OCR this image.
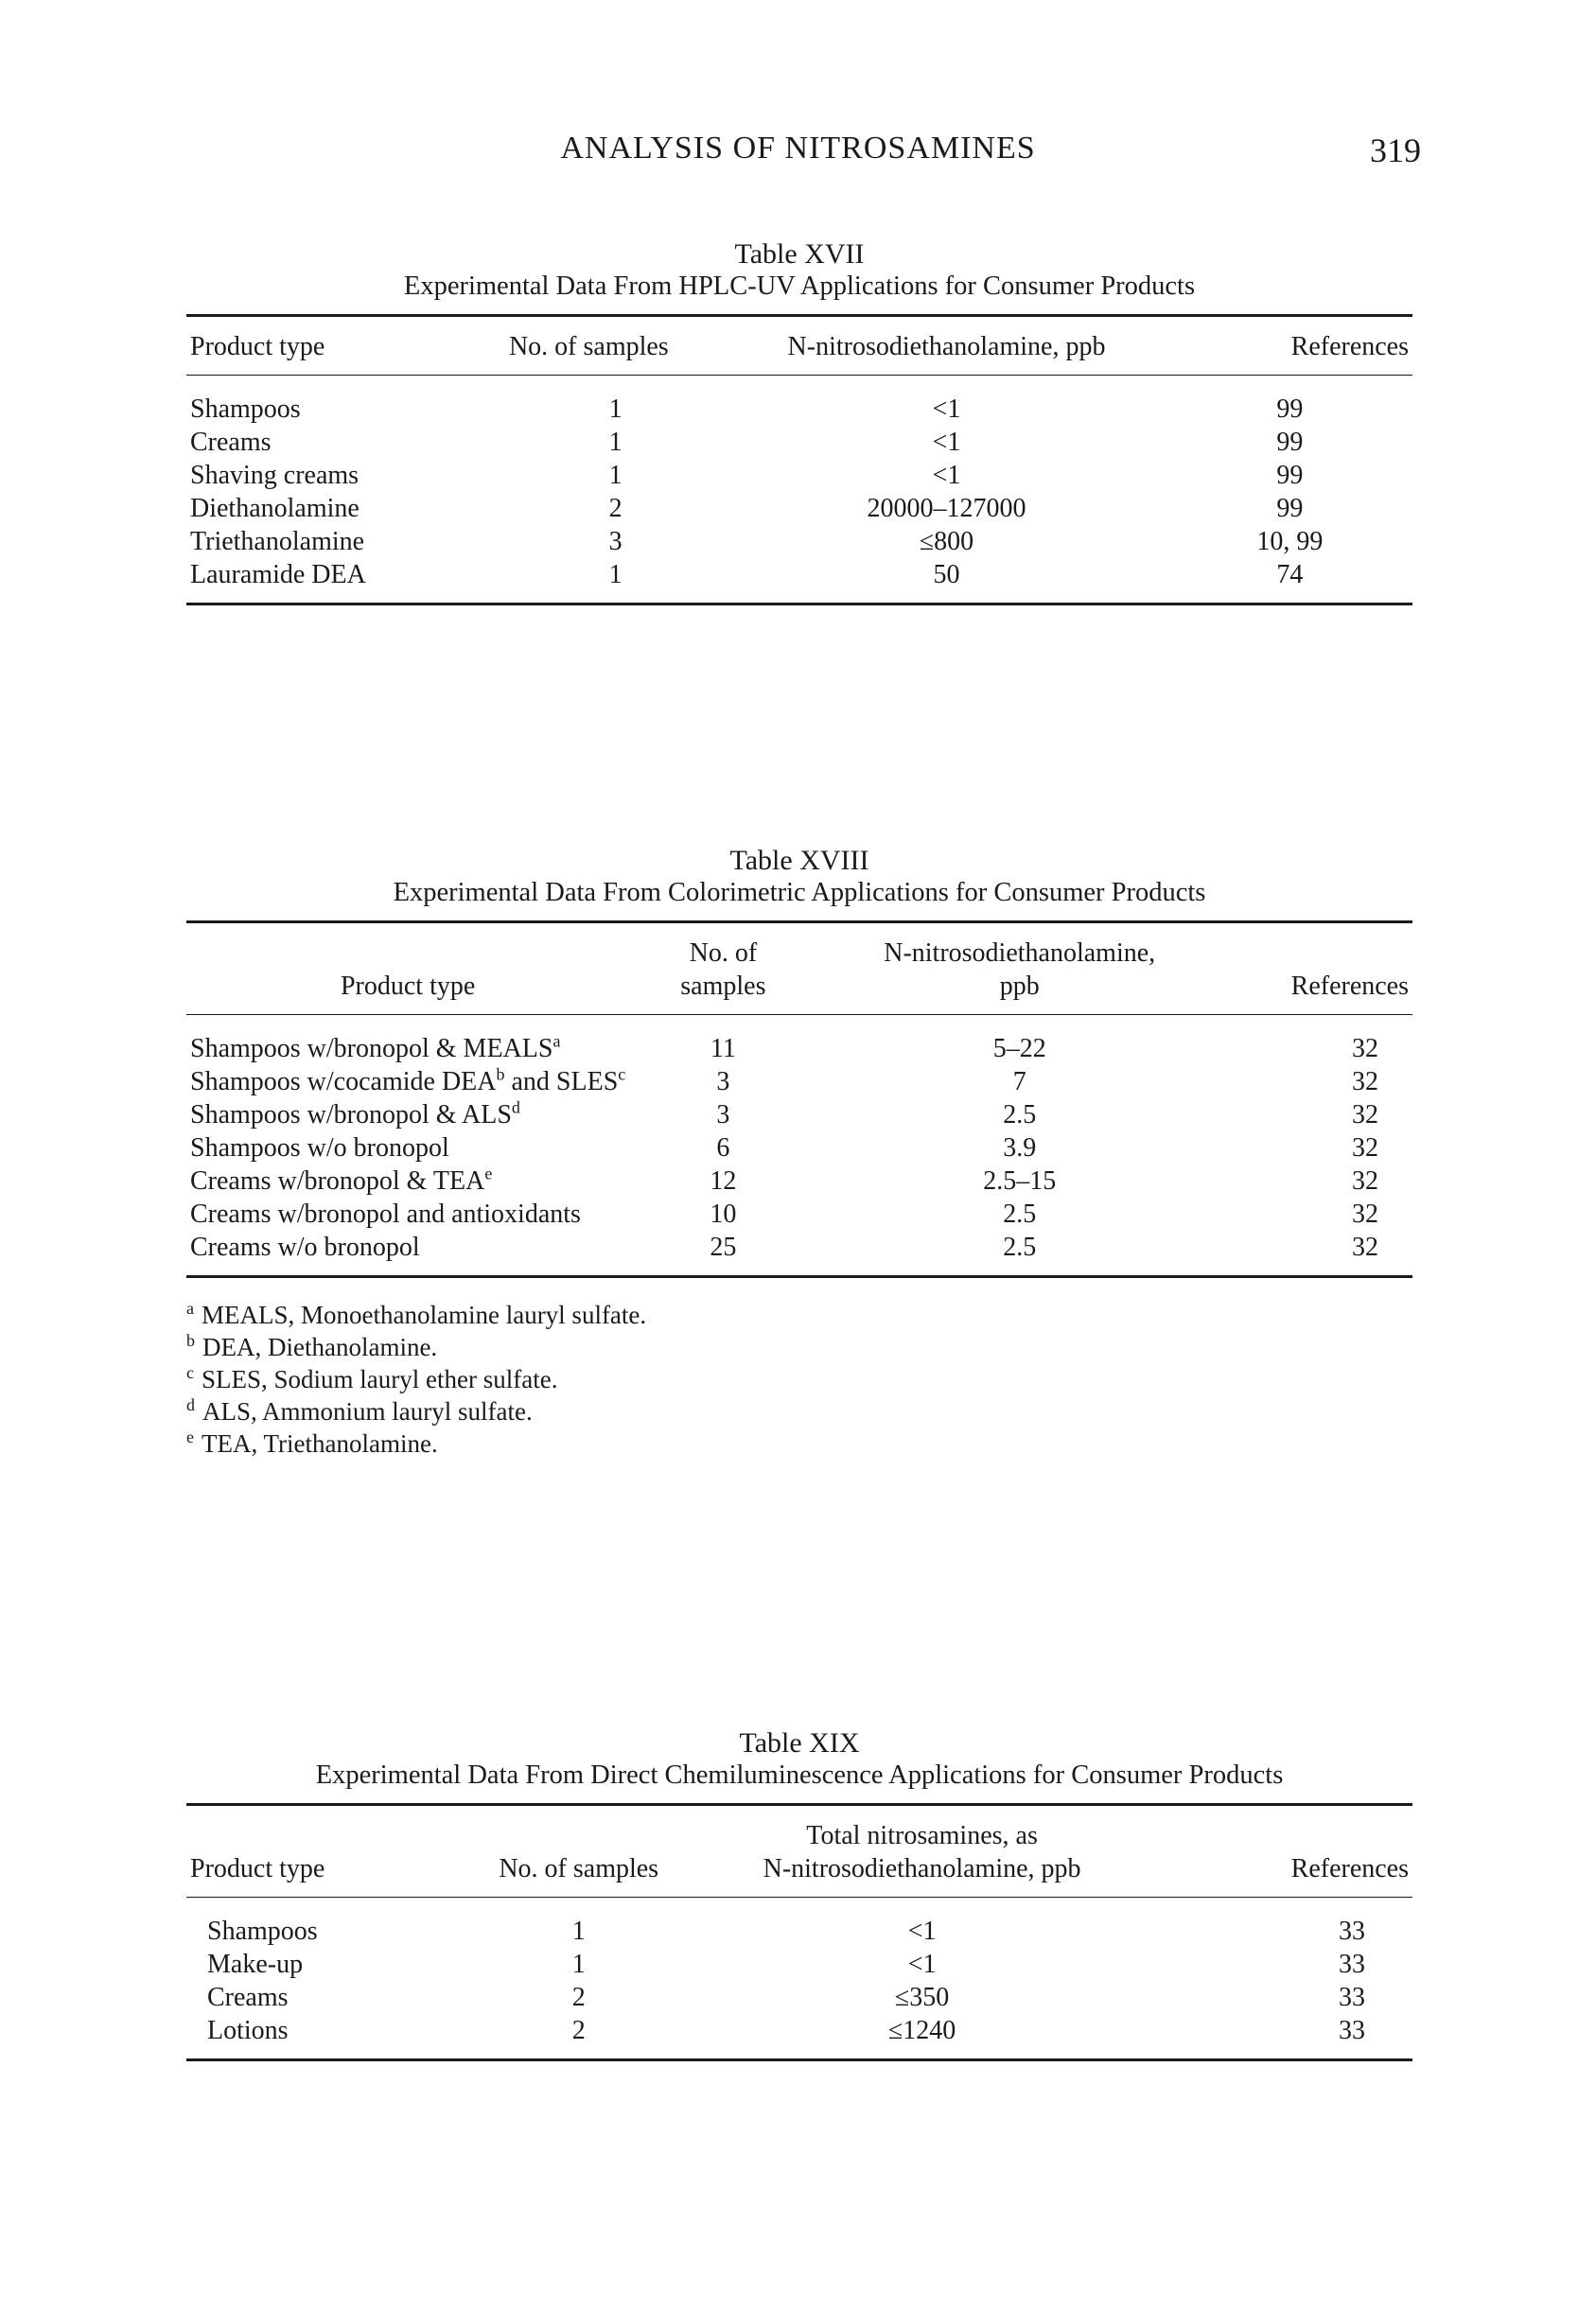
ANALYSIS OF NITROSAMINES	319
Table XVII
Experimental Data From HPLC-UV Applications for Consumer Products
Product type	No. of samples	N-nitrosodiethanolamine, ppb	References
Shampoos	1	<1	99
Creams	1	<1	99
Shaving creams	1	<1	99
Diethanolamine	2	20000–127000	99
Triethanolamine	3	≤800	10, 99
Lauramide DEA	1	50	74
Table XVIII
Experimental Data From Colorimetric Applications for Consumer Products
	No. of	N-nitrosodiethanolamine,	
Product type	samples	ppb	References
Shampoos w/bronopol & MEALS$^a$	11	5–22	32
Shampoos w/cocamide DEA$^b$ and SLES$^c$	3	7	32
Shampoos w/bronopol & ALS$^d$	3	2.5	32
Shampoos w/o bronopol	6	3.9	32
Creams w/bronopol & TEA$^e$	12	2.5–15	32
Creams w/bronopol and antioxidants	10	2.5	32
Creams w/o bronopol	25	2.5	32
$^a$ MEALS, Monoethanolamine lauryl sulfate.
$^b$ DEA, Diethanolamine.
$^c$ SLES, Sodium lauryl ether sulfate.
$^d$ ALS, Ammonium lauryl sulfate.
$^e$ TEA, Triethanolamine.
Table XIX
Experimental Data From Direct Chemiluminescence Applications for Consumer Products
		Total nitrosamines, as	
Product type	No. of samples	N-nitrosodiethanolamine, ppb	References
Shampoos	1	<1	33
Make-up	1	<1	33
Creams	2	≤350	33
Lotions	2	≤1240	33
